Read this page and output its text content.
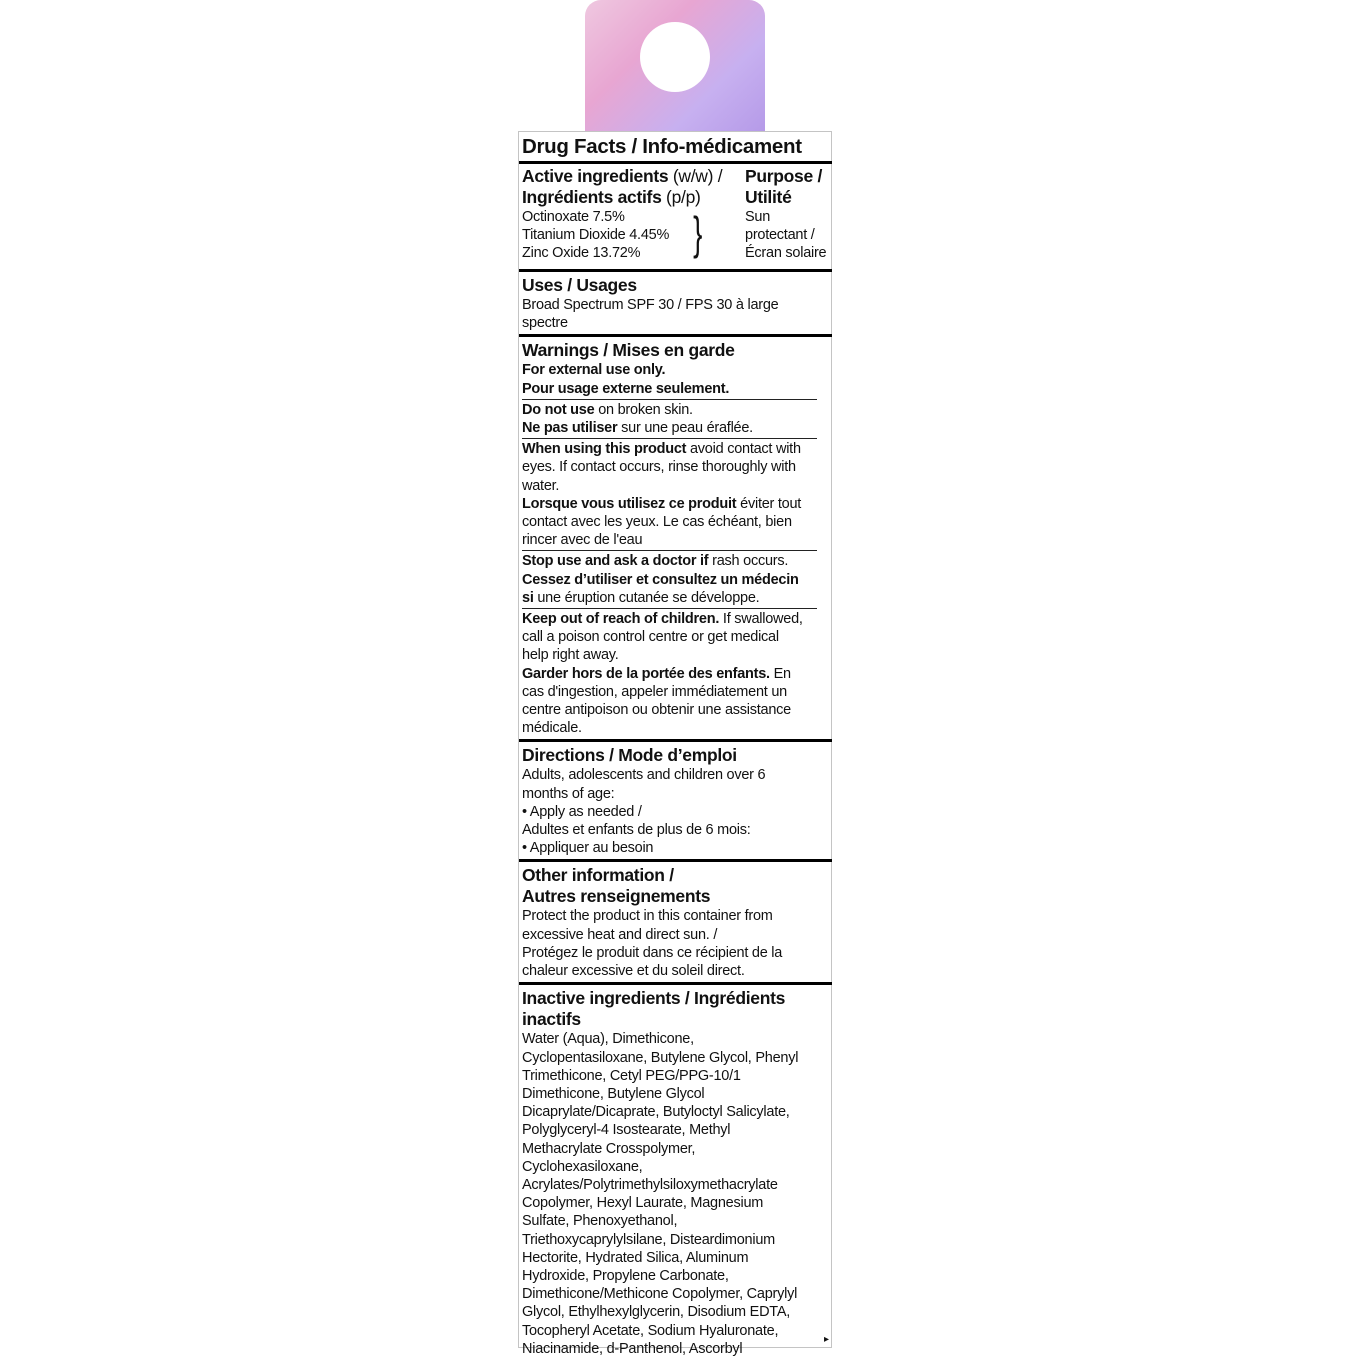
Drug Facts / Info-médicament
Active ingredients (w/w) /
Ingrédients actifs (p/p)
Octinoxate 7.5%
Titanium Dioxide 4.45%
Zinc Oxide 13.72%	}
Purpose /
Utilité
Sun
protectant /
Écran solaire
Uses / Usages
Broad Spectrum SPF 30 / FPS 30 à large
spectre
Warnings / Mises en garde
For external use only.
Pour usage externe seulement.
Do not use on broken skin.
Ne pas utiliser sur une peau éraflée.
When using this product avoid contact with
eyes. If contact occurs, rinse thoroughly with
water.
Lorsque vous utilisez ce produit éviter tout
contact avec les yeux. Le cas échéant, bien
rincer avec de l'eau
Stop use and ask a doctor if rash occurs.
Cessez d’utiliser et consultez un médecin
si une éruption cutanée se développe.
Keep out of reach of children. If swallowed,
call a poison control centre or get medical
help right away.
Garder hors de la portée des enfants. En
cas d'ingestion, appeler immédiatement un
centre antipoison ou obtenir une assistance
médicale.
Directions / Mode d’emploi
Adults, adolescents and children over 6
months of age:
• Apply as needed /
Adultes et enfants de plus de 6 mois:
• Appliquer au besoin
Other information /
Autres renseignements
Protect the product in this container from
excessive heat and direct sun. /
Protégez le produit dans ce récipient de la
chaleur excessive et du soleil direct.
Inactive ingredients / Ingrédients
inactifs
Water (Aqua), Dimethicone,
Cyclopentasiloxane, Butylene Glycol, Phenyl
Trimethicone, Cetyl PEG/PPG-10/1
Dimethicone, Butylene Glycol
Dicaprylate/Dicaprate, Butyloctyl Salicylate,
Polyglyceryl-4 Isostearate, Methyl
Methacrylate Crosspolymer,
Cyclohexasiloxane,
Acrylates/Polytrimethylsiloxymethacrylate
Copolymer, Hexyl Laurate, Magnesium
Sulfate, Phenoxyethanol,
Triethoxycaprylylsilane, Disteardimonium
Hectorite, Hydrated Silica, Aluminum
Hydroxide, Propylene Carbonate,
Dimethicone/Methicone Copolymer, Caprylyl
Glycol, Ethylhexylglycerin, Disodium EDTA,
Tocopheryl Acetate, Sodium Hyaluronate,
Niacinamide, d-Panthenol, Ascorbyl
▸
